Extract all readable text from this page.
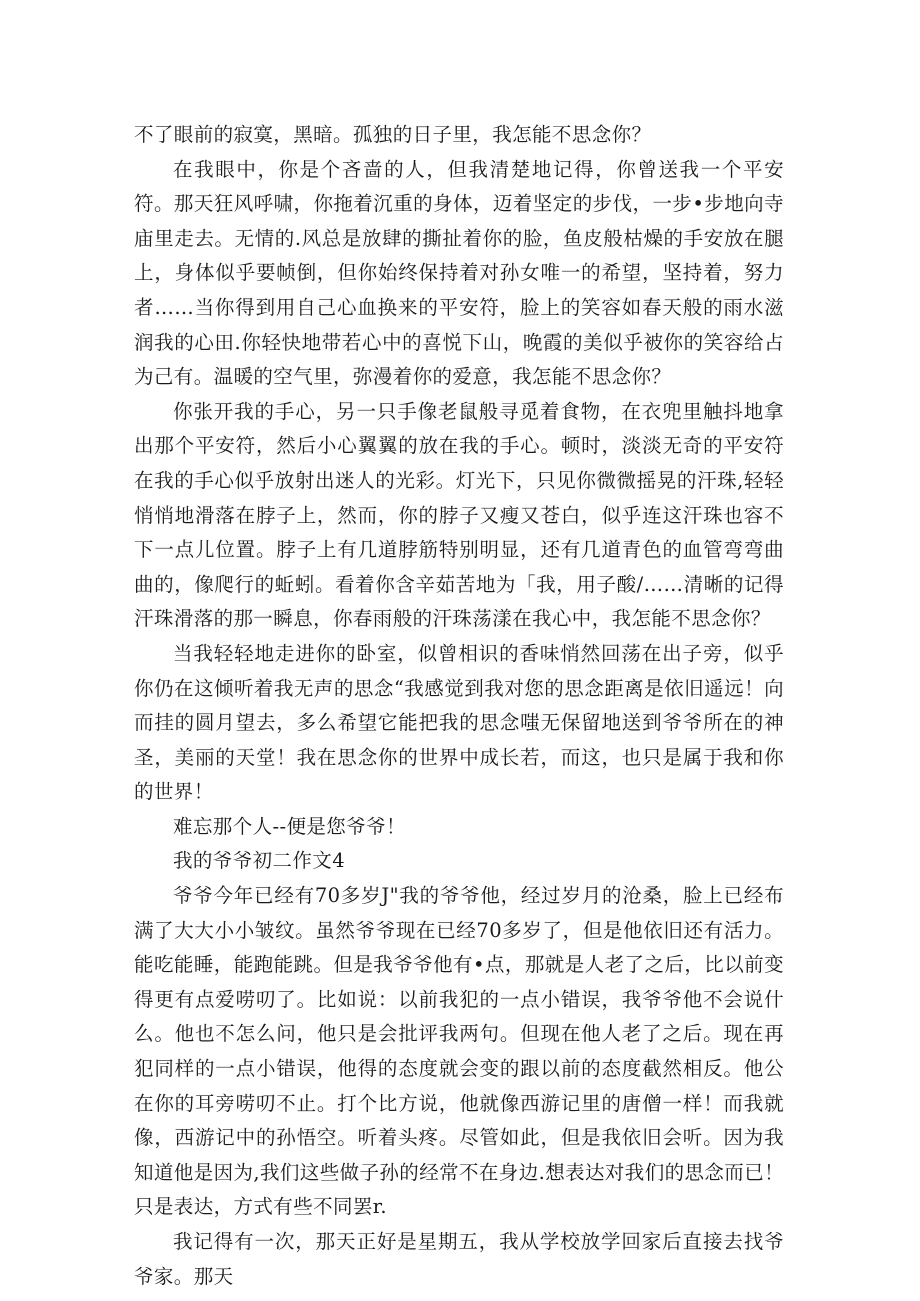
不了眼前的寂寞，黑暗。孤独的日子里，我怎能不思念你？

在我眼中，你是个吝啬的人，但我清楚地记得，你曾送我一个平安符。那天狂风呼啸，你拖着沉重的身体，迈着坚定的步伐，一步•步地向寺庙里走去。无情的.风总是放肆的撕扯着你的脸，鱼皮般枯燥的手安放在腿上，身体似乎要帧倒，但你始终保持着对孙女唯一的希望，坚持着，努力者……当你得到用自己心血换来的平安符，脸上的笑容如春天般的雨水滋润我的心田.你轻快地带若心中的喜悦下山，晚霞的美似乎被你的笑容给占为己有。温暖的空气里，弥漫着你的爱意，我怎能不思念你？

你张开我的手心，另一只手像老鼠般寻觅着食物，在衣兜里触抖地拿出那个平安符，然后小心翼翼的放在我的手心。顿时，淡淡无奇的平安符在我的手心似乎放射出迷人的光彩。灯光下，只见你微微摇晃的汗珠,轻轻悄悄地滑落在脖子上，然而，你的脖子又瘦又苍白，似乎连这汗珠也容不下一点儿位置。脖子上有几道脖筋特别明显，还有几道青色的血管弯弯曲曲的，像爬行的蚯蚓。看着你含辛茹苦地为「我，用子酸/……清晰的记得汗珠滑落的那一瞬息，你春雨般的汗珠荡漾在我心中，我怎能不思念你？

当我轻轻地走进你的卧室，似曾相识的香味悄然回荡在出子旁，似乎你仍在这倾听着我无声的思念“我感觉到我对您的思念距离是依旧遥远！向而挂的圆月望去，多么希望它能把我的思念嗤无保留地送到爷爷所在的神圣，美丽的天堂！我在思念你的世界中成长若，而这，也只是属于我和你的世界！

难忘那个人--便是您爷爷！

我的爷爷初二作文4

爷爷今年已经有70多岁J"我的爷爷他，经过岁月的沧桑，脸上已经布满了大大小小皱纹。虽然爷爷现在已经70多岁了，但是他依旧还有活力。能吃能睡，能跑能跳。但是我爷爷他有•点，那就是人老了之后，比以前变得更有点爱唠叨了。比如说：以前我犯的一点小错误，我爷爷他不会说什么。他也不怎么问，他只是会批评我两句。但现在他人老了之后。现在再犯同样的一点小错误，他得的态度就会变的跟以前的态度截然相反。他公在你的耳旁唠叨不止。打个比方说，他就像西游记里的唐僧一样！而我就像，西游记中的孙悟空。听着头疼。尽管如此，但是我依旧会听。因为我知道他是因为,我们这些做子孙的经常不在身边.想表达对我们的思念而已！只是表达，方式有些不同罢r.

我记得有一次，那天正好是星期五，我从学校放学回家后直接去找爷爷家。那天
